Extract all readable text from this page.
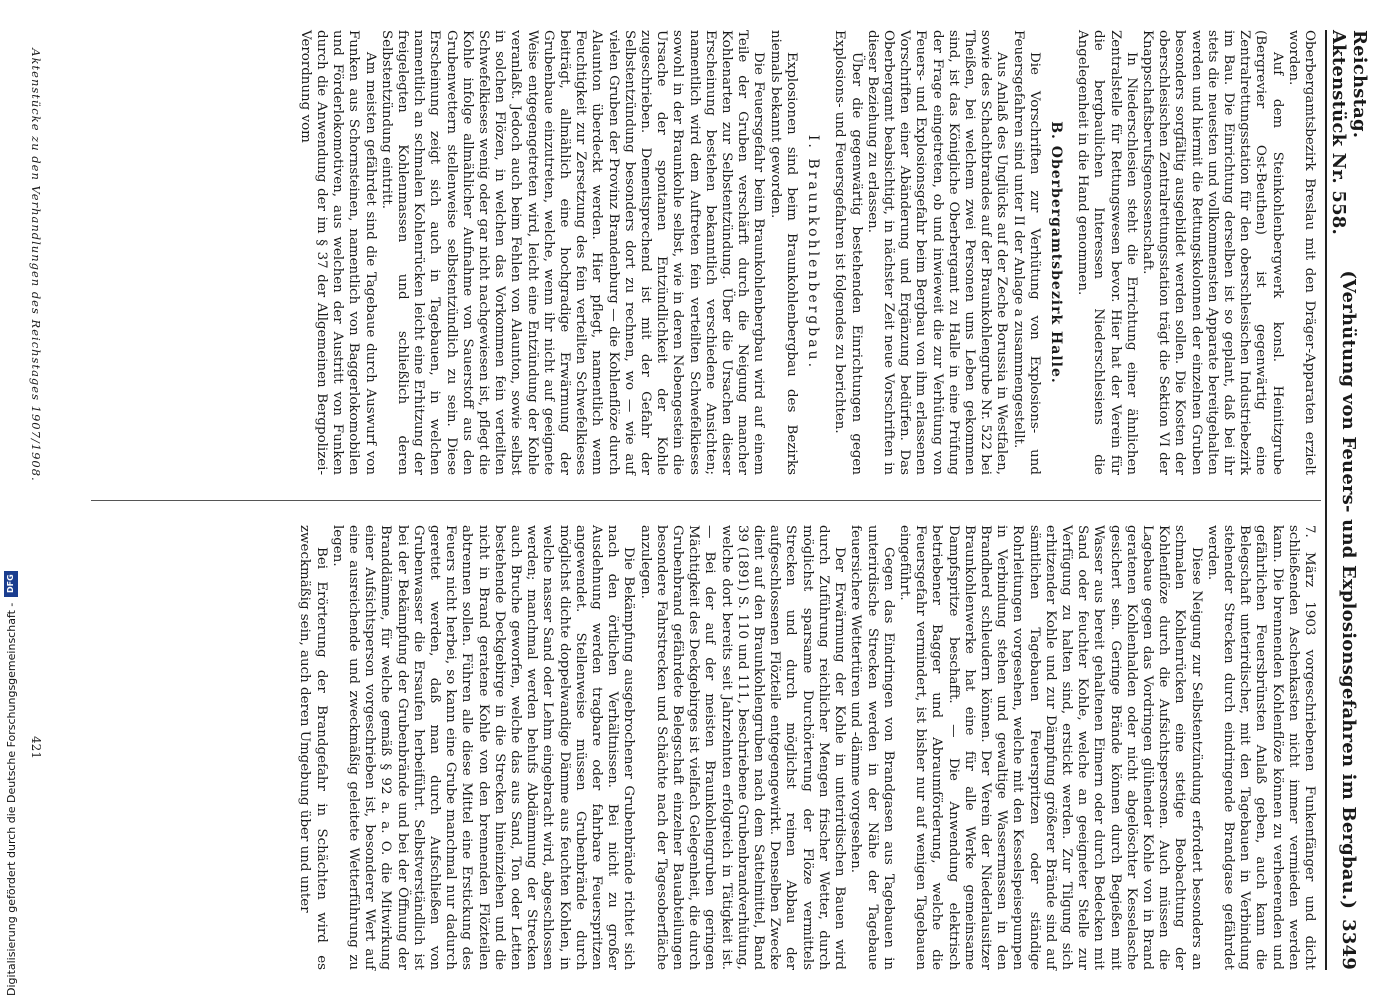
Reichstag. Aktenstück Nr. 558.
(Verhütung von Feuers- und Explosionsgefahren im Bergbau.)
3349

Oberbergamtsbezirk Breslau mit den Dräger-Apparaten erzielt worden.

Auf dem Steinkohlenbergwerk konsl. Heinitzgrube (Bergrevier Ost-Beuthen) ist gegenwärtig eine Zentralrettungsstation für den oberschlesischen Industriebezirk im Bau. Die Einrichtung derselben ist so geplant, daß bei ihr stets die neuesten und vollkommensten Apparate bereitgehalten werden und hiermit die Rettungskolonnen der einzelnen Gruben besonders sorgfältig ausgebildet werden sollen. Die Kosten der oberschlesischen Zentralrettungsstation trägt die Sektion VI der Knappschaftsberufsgenossenschaft.

In Niederschlesien steht die Errichtung einer ähnlichen Zentralstelle für Rettungswesen bevor. Hier hat der Verein für die bergbaulichen Interessen Niederschlesiens die Angelegenheit in die Hand genommen.

B. Oberbergamtsbezirk Halle.

Die Vorschriften zur Verhütung von Explosions- und Feuersgefahren sind unter II der Anlage a zusammengestellt.

Aus Anlaß des Unglücks auf der Zeche Borussia in Westfalen, sowie des Schachtbrandes auf der Braunkohlengrube Nr. 522 bei Theißen, bei welchem zwei Personen ums Leben gekommen sind, ist das Königliche Oberbergamt zu Halle in eine Prüfung der Frage eingetreten, ob und inwieweit die zur Verhütung von Feuers- und Explosionsgefahr beim Bergbau von ihm erlassenen Vorschriften einer Abänderung und Ergänzung bedürfen. Das Oberbergamt beabsichtigt, in nächster Zeit neue Vorschriften in dieser Beziehung zu erlassen.

Über die gegenwärtig bestehenden Einrichtungen gegen Explosions- und Feuersgefahren ist folgendes zu berichten.

I. Braunkohlenbergbau.

Explosionen sind beim Braunkohlenbergbau des Bezirks niemals bekannt geworden.

Die Feuersgefahr beim Braunkohlenbergbau wird auf einem Teile der Gruben verschärft durch die Neigung mancher Kohlenarten zur Selbstentzündung. Über die Ursachen dieser Erscheinung bestehen bekanntlich verschiedene Ansichten; namentlich wird dem Auftreten fein verteilten Schwefelkieses sowohl in der Braunkohle selbst, wie in deren Nebengestein die Ursache der spontanen Entzündlichkeit der Kohle zugeschrieben. Dementsprechend ist mit der Gefahr der Selbstentzündung besonders dort zu rechnen, wo — wie auf vielen Gruben der Provinz Brandenburg — die Kohlenflöze durch Alaunton überdeckt werden. Hier pflegt, namentlich wenn Feuchtigkeit zur Zersetzung des fein verteilten Schwefelkieses beiträgt, allmählich eine hochgradige Erwärmung der Grubenbaue einzutreten, welche, wenn ihr nicht auf geeignete Weise entgegengetreten wird, leicht eine Entzündung der Kohle veranlaßt. Jedoch auch beim Fehlen von Alaunton, sowie selbst in solchen Flözen, in welchen das Vorkommen fein verteilten Schwefelkieses wenig oder gar nicht nachgewiesen ist, pflegt die Kohle infolge allmählicher Aufnahme von Sauerstoff aus den Grubenwettern stellenweise selbstentzündlich zu sein. Diese Erscheinung zeigt sich auch in Tagebauen, in welchen namentlich an schmalen Kohlenrücken leicht eine Erhitzung der freigelegten Kohlenmassen und schließlich deren Selbstentzündung eintritt.

Am meisten gefährdet sind die Tagebaue durch Auswurf von Funken aus Schornsteinen, namentlich von Baggerlokomobilen und Förderlokomotiven, aus welchen der Austritt von Funken durch die Anwendung der im § 37 der Allgemeinen Bergpolizei-Verordnung vom

7. März 1903 vorgeschriebenen Funkenfänger und dicht schließenden Aschenkasten nicht immer vermieden werden kann. Die brennenden Kohlenflöze können zu verheerenden und gefährlichen Feuersbrünsten Anlaß geben, auch kann die Belegschaft unterirdischer, mit den Tagebauen in Verbindung stehender Strecken durch eindringende Brandgase gefährdet werden.

Diese Neigung zur Selbstentzündung erfordert besonders an schmalen Kohlenrücken eine stetige Beobachtung der Kohlenflöze durch die Aufsichtspersonen. Auch müssen die Lagebaue gegen das Vordringen glühender Kohle von in Brand geratenen Kohlenhalden oder nicht abgelöschter Kesselasche gesichert sein. Geringe Brände können durch Begießen mit Wasser aus bereit gehaltenen Eimern oder durch Bedecken mit Sand oder feuchter Kohle, welche an geeigneter Stelle zur Verfügung zu halten sind, erstickt werden. Zur Tilgung sich erhitzender Kohle und zur Dämpfung größerer Brände sind auf sämtlichen Tagebauen Feuerspritzen oder ständige Rohrleitungen vorgesehen, welche mit den Kesselspeisepumpen in Verbindung stehen und gewaltige Wassermassen in den Brandherd schleudern können. Der Verein der Niederlausitzer Braunkohlenwerke hat eine für alle Werke gemeinsame Dampfspritze beschafft. — Die Anwendung elektrisch betriebener Bagger und Abraumförderung, welche die Feuersgefahr vermindert, ist bisher nur auf wenigen Tagebauen eingeführt.

Gegen das Eindringen von Brandgasen aus Tagebauen in unterirdische Strecken werden in der Nähe der Tagebaue feuersichere Wettertüren und -dämme vorgesehen.

Der Erwärmung der Kohle in unterirdischen Bauen wird durch Zuführung reichlicher Mengen frischer Wetter, durch möglichst sparsame Durchörterung der Flöze vermittels Strecken und durch möglichst reinen Abbau der aufgeschlossenen Flözteile entgegengewirkt. Denselben Zwecke dient auf den Braunkohlengruben nach dem Sattelmittel, Band 39 (1891) S. 110 und 111, beschriebene Grubenbrandverhütung, welche dort bereits seit Jahrzehnten erfolgreich in Tätigkeit ist. — Bei der auf der meisten Braunkohlengruben geringen Mächtigkeit des Deckgebirges ist vielfach Gelegenheit, die durch Grubenbrand gefährdete Belegschaft einzelner Bauabteilungen besondere Fahrstrecken und Schächte nach der Tagesoberfläche anzulegen.

Die Bekämpfung ausgebrochener Grubenbrände richtet sich nach den örtlichen Verhältnissen. Bei nicht zu großer Ausdehnung werden tragbare oder fahrbare Feuerspritzen angewendet. Stellenweise müssen Grubenbrände durch möglichst dichte doppelwandige Dämme aus feuchten Kohlen, in welche nasser Sand oder Lehm eingebracht wird, abgeschlossen werden; manchmal werden behufs Abdämmung der Strecken auch Bruche geworfen, welche das aus Sand, Ton oder Letten bestehende Deckgebirge in die Strecken hineinziehen und die nicht in Brand geratene Kohle von den brennenden Flözteilen abtrennen sollen. Führen alle diese Mittel eine Erstickung des Feuers nicht herbei, so kann eine Grube manchmal nur dadurch gerettet werden, daß man durch Aufschließen von Grubenwasser die Ersaufen herbeiführt. Selbstverständlich ist bei der Bekämpfung der Grubenbrände und bei der Öffnung der Branddämme, für welche gemäß § 92 a. a. O. die Mitwirkung einer Aufsichtsperson vorgeschrieben ist, besonderer Wert auf eine ausreichende und zweckmäßig geleitete Wetterführung zu legen.

Bei Erörterung der Brandgefahr in Schächten wird es zweckmäßig sein, auch deren Umgebung über und unter

Aktenstücke zu den Verhandlungen des Reichstages 1907/1908.
421
Digitalisierung gefördert durch die Deutsche Forschungsgemeinschaft -
DFG
